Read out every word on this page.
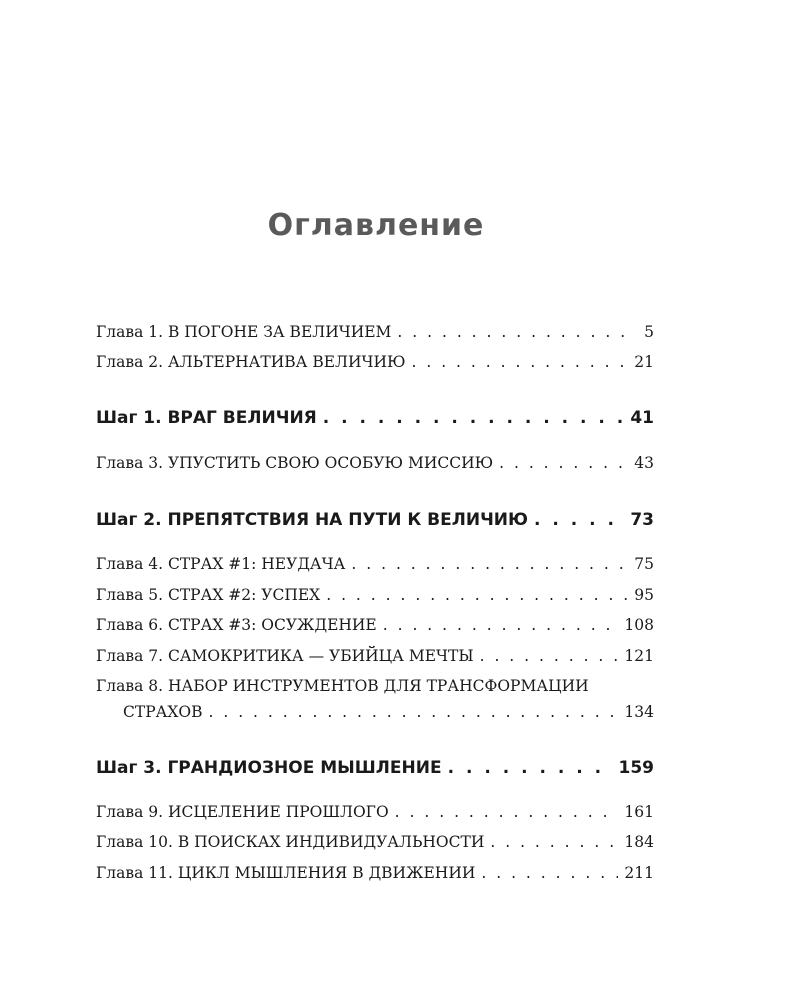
Оглавление
Глава 1. В ПОГОНЕ ЗА ВЕЛИЧИЕМ . . .	5
Глава 2. АЛЬТЕРНАТИВА ВЕЛИЧИЮ . . .	21
Шаг 1. ВРАГ ВЕЛИЧИЯ . . .	41
Глава 3. УПУСТИТЬ СВОЮ ОСОБУЮ МИССИЮ . . .	43
Шаг 2. ПРЕПЯТСТВИЯ НА ПУТИ К ВЕЛИЧИЮ . . .	73
Глава 4. СТРАХ #1: НЕУДАЧА . . .	75
Глава 5. СТРАХ #2: УСПЕХ . . .	95
Глава 6. СТРАХ #3: ОСУЖДЕНИЕ . . .	108
Глава 7. САМОКРИТИКА — УБИЙЦА МЕЧТЫ . . .	121
Глава 8. НАБОР ИНСТРУМЕНТОВ ДЛЯ ТРАНСФОРМАЦИИ
СТРАХОВ . . .	134
Шаг 3. ГРАНДИОЗНОЕ МЫШЛЕНИЕ . . .	159
Глава 9. ИСЦЕЛЕНИЕ ПРОШЛОГО . . .	161
Глава 10. В ПОИСКАХ ИНДИВИДУАЛЬНОСТИ . . .	184
Глава 11. ЦИКЛ МЫШЛЕНИЯ В ДВИЖЕНИИ . . .	211
